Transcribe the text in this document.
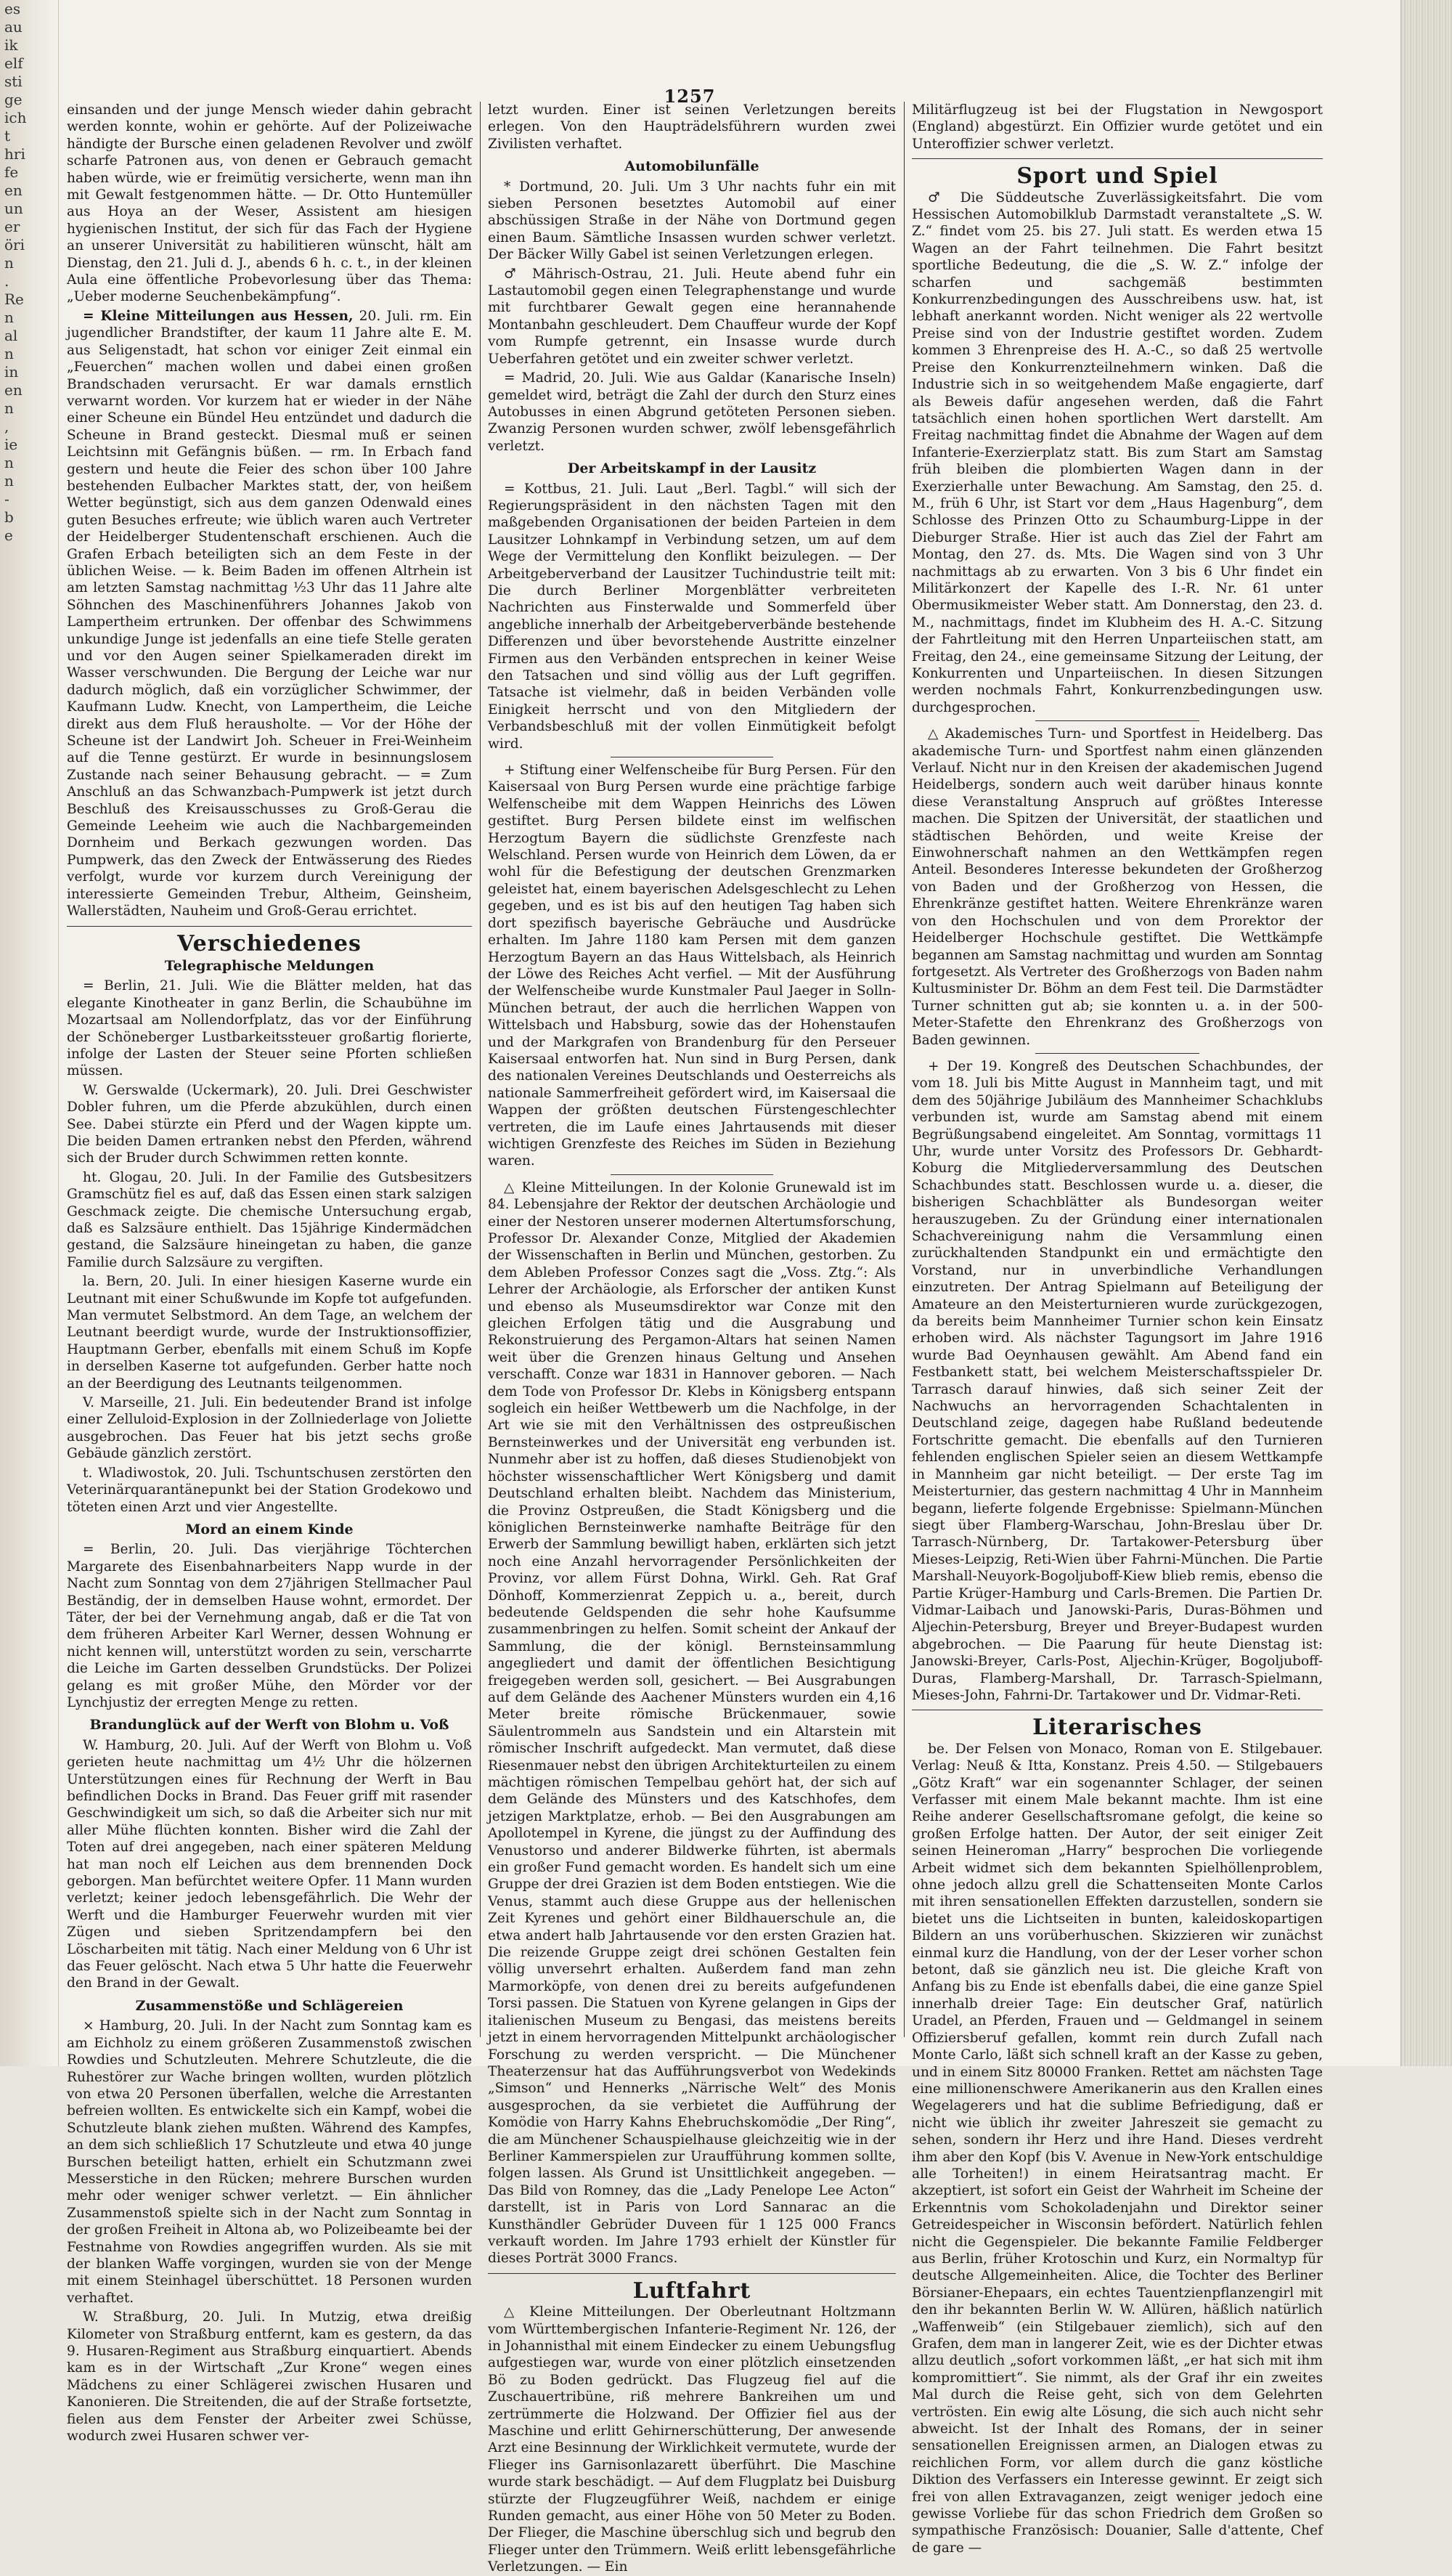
es
au
ik
elf
sti
ge
ich
t
hri
fe
en
un
er
öri
n
.
Re
n
al
n
in
en
n
,
ie
n
n
-
b
e
1257

einsanden und der junge Mensch wieder dahin gebracht werden konnte, wohin er gehörte. Auf der Polizeiwache händigte der Bursche einen geladenen Revolver und zwölf scharfe Patronen aus, von denen er Gebrauch gemacht haben würde, wie er freimütig versicherte, wenn man ihn mit Gewalt festgenommen hätte. — Dr. Otto Huntemüller aus Hoya an der Weser, Assistent am hiesigen hygienischen Institut, der sich für das Fach der Hygiene an unserer Universität zu habilitieren wünscht, hält am Dienstag, den 21. Juli d. J., abends 6 h. c. t., in der kleinen Aula eine öffentliche Probevorlesung über das Thema: „Ueber moderne Seuchenbekämpfung“.

= Kleine Mitteilungen aus Hessen, 20. Juli. rm. Ein jugendlicher Brandstifter, der kaum 11 Jahre alte E. M. aus Seligenstadt, hat schon vor einiger Zeit einmal ein „Feuerchen“ machen wollen und dabei einen großen Brandschaden verursacht. Er war damals ernstlich verwarnt worden. Vor kurzem hat er wieder in der Nähe einer Scheune ein Bündel Heu entzündet und dadurch die Scheune in Brand gesteckt. Diesmal muß er seinen Leichtsinn mit Gefängnis büßen. — rm. In Erbach fand gestern und heute die Feier des schon über 100 Jahre bestehenden Eulbacher Marktes statt, der, von heißem Wetter begünstigt, sich aus dem ganzen Odenwald eines guten Besuches erfreute; wie üblich waren auch Vertreter der Heidelberger Studentenschaft erschienen. Auch die Grafen Erbach beteiligten sich an dem Feste in der üblichen Weise. — k. Beim Baden im offenen Altrhein ist am letzten Samstag nachmittag ½3 Uhr das 11 Jahre alte Söhnchen des Maschinenführers Johannes Jakob von Lampertheim ertrunken. Der offenbar des Schwimmens unkundige Junge ist jedenfalls an eine tiefe Stelle geraten und vor den Augen seiner Spielkameraden direkt im Wasser verschwunden. Die Bergung der Leiche war nur dadurch möglich, daß ein vorzüglicher Schwimmer, der Kaufmann Ludw. Knecht, von Lampertheim, die Leiche direkt aus dem Fluß herausholte. — Vor der Höhe der Scheune ist der Landwirt Joh. Scheuer in Frei-Weinheim auf die Tenne gestürzt. Er wurde in besinnungslosem Zustande nach seiner Behausung gebracht. — = Zum Anschluß an das Schwanzbach-Pumpwerk ist jetzt durch Beschluß des Kreisausschusses zu Groß-Gerau die Gemeinde Leeheim wie auch die Nachbargemeinden Dornheim und Berkach gezwungen worden. Das Pumpwerk, das den Zweck der Entwässerung des Riedes verfolgt, wurde vor kurzem durch Vereinigung der interessierte Gemeinden Trebur, Altheim, Geinsheim, Wallerstädten, Nauheim und Groß-Gerau errichtet.

Verschiedenes
Telegraphische Meldungen

= Berlin, 21. Juli. Wie die Blätter melden, hat das elegante Kinotheater in ganz Berlin, die Schaubühne im Mozartsaal am Nollendorfplatz, das vor der Einführung der Schöneberger Lustbarkeitssteuer großartig florierte, infolge der Lasten der Steuer seine Pforten schließen müssen.

W. Gerswalde (Uckermark), 20. Juli. Drei Geschwister Dobler fuhren, um die Pferde abzukühlen, durch einen See. Dabei stürzte ein Pferd und der Wagen kippte um. Die beiden Damen ertranken nebst den Pferden, während sich der Bruder durch Schwimmen retten konnte.

ht. Glogau, 20. Juli. In der Familie des Gutsbesitzers Gramschütz fiel es auf, daß das Essen einen stark salzigen Geschmack zeigte. Die chemische Untersuchung ergab, daß es Salzsäure enthielt. Das 15jährige Kindermädchen gestand, die Salzsäure hineingetan zu haben, die ganze Familie durch Salzsäure zu vergiften.

la. Bern, 20. Juli. In einer hiesigen Kaserne wurde ein Leutnant mit einer Schußwunde im Kopfe tot aufgefunden. Man vermutet Selbstmord. An dem Tage, an welchem der Leutnant beerdigt wurde, wurde der Instruktionsoffizier, Hauptmann Gerber, ebenfalls mit einem Schuß im Kopfe in derselben Kaserne tot aufgefunden. Gerber hatte noch an der Beerdigung des Leutnants teilgenommen.

V. Marseille, 21. Juli. Ein bedeutender Brand ist infolge einer Zelluloid-Explosion in der Zollniederlage von Joliette ausgebrochen. Das Feuer hat bis jetzt sechs große Gebäude gänzlich zerstört.

t. Wladiwostok, 20. Juli. Tschuntschusen zerstörten den Veterinärquarantänepunkt bei der Station Grodekowo und töteten einen Arzt und vier Angestellte.

Mord an einem Kinde

= Berlin, 20. Juli. Das vierjährige Töchterchen Margarete des Eisenbahnarbeiters Napp wurde in der Nacht zum Sonntag von dem 27jährigen Stellmacher Paul Beständig, der in demselben Hause wohnt, ermordet. Der Täter, der bei der Vernehmung angab, daß er die Tat von dem früheren Arbeiter Karl Werner, dessen Wohnung er nicht kennen will, unterstützt worden zu sein, verscharrte die Leiche im Garten desselben Grundstücks. Der Polizei gelang es mit großer Mühe, den Mörder vor der Lynchjustiz der erregten Menge zu retten.

Brandunglück auf der Werft von Blohm u. Voß

W. Hamburg, 20. Juli. Auf der Werft von Blohm u. Voß gerieten heute nachmittag um 4½ Uhr die hölzernen Unterstützungen eines für Rechnung der Werft in Bau befindlichen Docks in Brand. Das Feuer griff mit rasender Geschwindigkeit um sich, so daß die Arbeiter sich nur mit aller Mühe flüchten konnten. Bisher wird die Zahl der Toten auf drei angegeben, nach einer späteren Meldung hat man noch elf Leichen aus dem brennenden Dock geborgen. Man befürchtet weitere Opfer. 11 Mann wurden verletzt; keiner jedoch lebensgefährlich. Die Wehr der Werft und die Hamburger Feuerwehr wurden mit vier Zügen und sieben Spritzendampfern bei den Löscharbeiten mit tätig. Nach einer Meldung von 6 Uhr ist das Feuer gelöscht. Nach etwa 5 Uhr hatte die Feuerwehr den Brand in der Gewalt.

Zusammenstöße und Schlägereien

⨯ Hamburg, 20. Juli. In der Nacht zum Sonntag kam es am Eichholz zu einem größeren Zusammenstoß zwischen Rowdies und Schutzleuten. Mehrere Schutzleute, die die Ruhestörer zur Wache bringen wollten, wurden plötzlich von etwa 20 Personen überfallen, welche die Arrestanten befreien wollten. Es entwickelte sich ein Kampf, wobei die Schutzleute blank ziehen mußten. Während des Kampfes, an dem sich schließlich 17 Schutzleute und etwa 40 junge Burschen beteiligt hatten, erhielt ein Schutzmann zwei Messerstiche in den Rücken; mehrere Burschen wurden mehr oder weniger schwer verletzt. — Ein ähnlicher Zusammenstoß spielte sich in der Nacht zum Sonntag in der großen Freiheit in Altona ab, wo Polizeibeamte bei der Festnahme von Rowdies angegriffen wurden. Als sie mit der blanken Waffe vorgingen, wurden sie von der Menge mit einem Steinhagel überschüttet. 18 Personen wurden verhaftet.

W. Straßburg, 20. Juli. In Mutzig, etwa dreißig Kilometer von Straßburg entfernt, kam es gestern, da das 9. Husaren-Regiment aus Straßburg einquartiert. Abends kam es in der Wirtschaft „Zur Krone“ wegen eines Mädchens zu einer Schlägerei zwischen Husaren und Kanonieren. Die Streitenden, die auf der Straße fortsetzte, fielen aus dem Fenster der Arbeiter zwei Schüsse, wodurch zwei Husaren schwer ver-

letzt wurden. Einer ist seinen Verletzungen bereits erlegen. Von den Haupträdelsführern wurden zwei Zivilisten verhaftet.

Automobilunfälle

* Dortmund, 20. Juli. Um 3 Uhr nachts fuhr ein mit sieben Personen besetztes Automobil auf einer abschüssigen Straße in der Nähe von Dortmund gegen einen Baum. Sämtliche Insassen wurden schwer verletzt. Der Bäcker Willy Gabel ist seinen Verletzungen erlegen.

♂ Mährisch-Ostrau, 21. Juli. Heute abend fuhr ein Lastautomobil gegen einen Telegraphenstange und wurde mit furchtbarer Gewalt gegen eine herannahende Montanbahn geschleudert. Dem Chauffeur wurde der Kopf vom Rumpfe getrennt, ein Insasse wurde durch Ueberfahren getötet und ein zweiter schwer verletzt.

= Madrid, 20. Juli. Wie aus Galdar (Kanarische Inseln) gemeldet wird, beträgt die Zahl der durch den Sturz eines Autobusses in einen Abgrund getöteten Personen sieben. Zwanzig Personen wurden schwer, zwölf lebensgefährlich verletzt.

Der Arbeitskampf in der Lausitz

= Kottbus, 21. Juli. Laut „Berl. Tagbl.“ will sich der Regierungspräsident in den nächsten Tagen mit den maßgebenden Organisationen der beiden Parteien in dem Lausitzer Lohnkampf in Verbindung setzen, um auf dem Wege der Vermittelung den Konflikt beizulegen. — Der Arbeitgeberverband der Lausitzer Tuchindustrie teilt mit: Die durch Berliner Morgenblätter verbreiteten Nachrichten aus Finsterwalde und Sommerfeld über angebliche innerhalb der Arbeitgeberverbände bestehende Differenzen und über bevorstehende Austritte einzelner Firmen aus den Verbänden entsprechen in keiner Weise den Tatsachen und sind völlig aus der Luft gegriffen. Tatsache ist vielmehr, daß in beiden Verbänden volle Einigkeit herrscht und von den Mitgliedern der Verbandsbeschluß mit der vollen Einmütigkeit befolgt wird.

+ Stiftung einer Welfenscheibe für Burg Persen. Für den Kaisersaal von Burg Persen wurde eine prächtige farbige Welfenscheibe mit dem Wappen Heinrichs des Löwen gestiftet. Burg Persen bildete einst im welfischen Herzogtum Bayern die südlichste Grenzfeste nach Welschland. Persen wurde von Heinrich dem Löwen, da er wohl für die Befestigung der deutschen Grenzmarken geleistet hat, einem bayerischen Adelsgeschlecht zu Lehen gegeben, und es ist bis auf den heutigen Tag haben sich dort spezifisch bayerische Gebräuche und Ausdrücke erhalten. Im Jahre 1180 kam Persen mit dem ganzen Herzogtum Bayern an das Haus Wittelsbach, als Heinrich der Löwe des Reiches Acht verfiel. — Mit der Ausführung der Welfenscheibe wurde Kunstmaler Paul Jaeger in Solln-München betraut, der auch die herrlichen Wappen von Wittelsbach und Habsburg, sowie das der Hohenstaufen und der Markgrafen von Brandenburg für den Perseuer Kaisersaal entworfen hat. Nun sind in Burg Persen, dank des nationalen Vereines Deutschlands und Oesterreichs als nationale Sammerfreiheit gefördert wird, im Kaisersaal die Wappen der größten deutschen Fürstengeschlechter vertreten, die im Laufe eines Jahrtausends mit dieser wichtigen Grenzfeste des Reiches im Süden in Beziehung waren.

△ Kleine Mitteilungen. In der Kolonie Grunewald ist im 84. Lebensjahre der Rektor der deutschen Archäologie und einer der Nestoren unserer modernen Altertumsforschung, Professor Dr. Alexander Conze, Mitglied der Akademien der Wissenschaften in Berlin und München, gestorben. Zu dem Ableben Professor Conzes sagt die „Voss. Ztg.“: Als Lehrer der Archäologie, als Erforscher der antiken Kunst und ebenso als Museumsdirektor war Conze mit den gleichen Erfolgen tätig und die Ausgrabung und Rekonstruierung des Pergamon-Altars hat seinen Namen weit über die Grenzen hinaus Geltung und Ansehen verschafft. Conze war 1831 in Hannover geboren. — Nach dem Tode von Professor Dr. Klebs in Königsberg entspann sogleich ein heißer Wettbewerb um die Nachfolge, in der Art wie sie mit den Verhältnissen des ostpreußischen Bernsteinwerkes und der Universität eng verbunden ist. Nunmehr aber ist zu hoffen, daß dieses Studienobjekt von höchster wissenschaftlicher Wert Königsberg und damit Deutschland erhalten bleibt. Nachdem das Ministerium, die Provinz Ostpreußen, die Stadt Königsberg und die königlichen Bernsteinwerke namhafte Beiträge für den Erwerb der Sammlung bewilligt haben, erklärten sich jetzt noch eine Anzahl hervorragender Persönlichkeiten der Provinz, vor allem Fürst Dohna, Wirkl. Geh. Rat Graf Dönhoff, Kommerzienrat Zeppich u. a., bereit, durch bedeutende Geldspenden die sehr hohe Kaufsumme zusammenbringen zu helfen. Somit scheint der Ankauf der Sammlung, die der königl. Bernsteinsammlung angegliedert und damit der öffentlichen Besichtigung freigegeben werden soll, gesichert. — Bei Ausgrabungen auf dem Gelände des Aachener Münsters wurden ein 4,16 Meter breite römische Brückenmauer, sowie Säulentrommeln aus Sandstein und ein Altarstein mit römischer Inschrift aufgedeckt. Man vermutet, daß diese Riesenmauer nebst den übrigen Architekturteilen zu einem mächtigen römischen Tempelbau gehört hat, der sich auf dem Gelände des Münsters und des Katschhofes, dem jetzigen Marktplatze, erhob. — Bei den Ausgrabungen am Apollotempel in Kyrene, die jüngst zu der Auffindung des Venustorso und anderer Bildwerke führten, ist abermals ein großer Fund gemacht worden. Es handelt sich um eine Gruppe der drei Grazien ist dem Boden entstiegen. Wie die Venus, stammt auch diese Gruppe aus der hellenischen Zeit Kyrenes und gehört einer Bildhauerschule an, die etwa andert halb Jahrtausende vor den ersten Grazien hat. Die reizende Gruppe zeigt drei schönen Gestalten fein völlig unversehrt erhalten. Außerdem fand man zehn Marmorköpfe, von denen drei zu bereits aufgefundenen Torsi passen. Die Statuen von Kyrene gelangen in Gips der italienischen Museum zu Bengasi, das meistens bereits jetzt in einem hervorragenden Mittelpunkt archäologischer Forschung zu werden verspricht. — Die Münchener Theaterzensur hat das Aufführungsverbot von Wedekinds „Simson“ und Hennerks „Närrische Welt“ des Monis ausgesprochen, da sie verbietet die Aufführung der Komödie von Harry Kahns Ehebruchskomödie „Der Ring“, die am Münchener Schauspielhause gleichzeitig wie in der Berliner Kammerspielen zur Uraufführung kommen sollte, folgen lassen. Als Grund ist Unsittlichkeit angegeben. — Das Bild von Romney, das die „Lady Penelope Lee Acton“ darstellt, ist in Paris von Lord Sannarac an die Kunsthändler Gebrüder Duveen für 1 125 000 Francs verkauft worden. Im Jahre 1793 erhielt der Künstler für dieses Porträt 3000 Francs.

Luftfahrt

△ Kleine Mitteilungen. Der Oberleutnant Holtzmann vom Württembergischen Infanterie-Regiment Nr. 126, der in Johannisthal mit einem Eindecker zu einem Uebungsflug aufgestiegen war, wurde von einer plötzlich einsetzenden Bö zu Boden gedrückt. Das Flugzeug fiel auf die Zuschauertribüne, riß mehrere Bankreihen um und zertrümmerte die Holzwand. Der Offizier fiel aus der Maschine und erlitt Gehirnerschütterung, Der anwesende Arzt eine Besinnung der Wirklichkeit vermutete, wurde der Flieger ins Garnisonlazarett überführt. Die Maschine wurde stark beschädigt. — Auf dem Flugplatz bei Duisburg stürzte der Flugzeugführer Weiß, nachdem er einige Runden gemacht, aus einer Höhe von 50 Meter zu Boden. Der Flieger, die Maschine überschlug sich und begrub den Flieger unter den Trümmern. Weiß erlitt lebensgefährliche Verletzungen. — Ein

Militärflugzeug ist bei der Flugstation in Newgosport (England) abgestürzt. Ein Offizier wurde getötet und ein Unteroffizier schwer verletzt.

Sport und Spiel

♂ Die Süddeutsche Zuverlässigkeitsfahrt. Die vom Hessischen Automobilklub Darmstadt veranstaltete „S. W. Z.“ findet vom 25. bis 27. Juli statt. Es werden etwa 15 Wagen an der Fahrt teilnehmen. Die Fahrt besitzt sportliche Bedeutung, die die „S. W. Z.“ infolge der scharfen und sachgemäß bestimmten Konkurrenzbedingungen des Ausschreibens usw. hat, ist lebhaft anerkannt worden. Nicht weniger als 22 wertvolle Preise sind von der Industrie gestiftet worden. Zudem kommen 3 Ehrenpreise des H. A.-C., so daß 25 wertvolle Preise den Konkurrenzteilnehmern winken. Daß die Industrie sich in so weitgehendem Maße engagierte, darf als Beweis dafür angesehen werden, daß die Fahrt tatsächlich einen hohen sportlichen Wert darstellt. Am Freitag nachmittag findet die Abnahme der Wagen auf dem Infanterie-Exerzierplatz statt. Bis zum Start am Samstag früh bleiben die plombierten Wagen dann in der Exerzierhalle unter Bewachung. Am Samstag, den 25. d. M., früh 6 Uhr, ist Start vor dem „Haus Hagenburg“, dem Schlosse des Prinzen Otto zu Schaumburg-Lippe in der Dieburger Straße. Hier ist auch das Ziel der Fahrt am Montag, den 27. ds. Mts. Die Wagen sind von 3 Uhr nachmittags ab zu erwarten. Von 3 bis 6 Uhr findet ein Militärkonzert der Kapelle des I.-R. Nr. 61 unter Obermusikmeister Weber statt. Am Donnerstag, den 23. d. M., nachmittags, findet im Klubheim des H. A.-C. Sitzung der Fahrtleitung mit den Herren Unparteiischen statt, am Freitag, den 24., eine gemeinsame Sitzung der Leitung, der Konkurrenten und Unparteiischen. In diesen Sitzungen werden nochmals Fahrt, Konkurrenzbedingungen usw. durchgesprochen.

△ Akademisches Turn- und Sportfest in Heidelberg. Das akademische Turn- und Sportfest nahm einen glänzenden Verlauf. Nicht nur in den Kreisen der akademischen Jugend Heidelbergs, sondern auch weit darüber hinaus konnte diese Veranstaltung Anspruch auf größtes Interesse machen. Die Spitzen der Universität, der staatlichen und städtischen Behörden, und weite Kreise der Einwohnerschaft nahmen an den Wettkämpfen regen Anteil. Besonderes Interesse bekundeten der Großherzog von Baden und der Großherzog von Hessen, die Ehrenkränze gestiftet hatten. Weitere Ehrenkränze waren von den Hochschulen und von dem Prorektor der Heidelberger Hochschule gestiftet. Die Wettkämpfe begannen am Samstag nachmittag und wurden am Sonntag fortgesetzt. Als Vertreter des Großherzogs von Baden nahm Kultusminister Dr. Böhm an dem Fest teil. Die Darmstädter Turner schnitten gut ab; sie konnten u. a. in der 500-Meter-Stafette den Ehrenkranz des Großherzogs von Baden gewinnen.

+ Der 19. Kongreß des Deutschen Schachbundes, der vom 18. Juli bis Mitte August in Mannheim tagt, und mit dem des 50jährige Jubiläum des Mannheimer Schachklubs verbunden ist, wurde am Samstag abend mit einem Begrüßungsabend eingeleitet. Am Sonntag, vormittags 11 Uhr, wurde unter Vorsitz des Professors Dr. Gebhardt-Koburg die Mitgliederversammlung des Deutschen Schachbundes statt. Beschlossen wurde u. a. dieser, die bisherigen Schachblätter als Bundesorgan weiter herauszugeben. Zu der Gründung einer internationalen Schachvereinigung nahm die Versammlung einen zurückhaltenden Standpunkt ein und ermächtigte den Vorstand, nur in unverbindliche Verhandlungen einzutreten. Der Antrag Spielmann auf Beteiligung der Amateure an den Meisterturnieren wurde zurückgezogen, da bereits beim Mannheimer Turnier schon kein Einsatz erhoben wird. Als nächster Tagungsort im Jahre 1916 wurde Bad Oeynhausen gewählt. Am Abend fand ein Festbankett statt, bei welchem Meisterschaftsspieler Dr. Tarrasch darauf hinwies, daß sich seiner Zeit der Nachwuchs an hervorragenden Schachtalenten in Deutschland zeige, dagegen habe Rußland bedeutende Fortschritte gemacht. Die ebenfalls auf den Turnieren fehlenden englischen Spieler seien an diesem Wettkampfe in Mannheim gar nicht beteiligt. — Der erste Tag im Meisterturnier, das gestern nachmittag 4 Uhr in Mannheim begann, lieferte folgende Ergebnisse: Spielmann-München siegt über Flamberg-Warschau, John-Breslau über Dr. Tarrasch-Nürnberg, Dr. Tartakower-Petersburg über Mieses-Leipzig, Reti-Wien über Fahrni-München. Die Partie Marshall-Neuyork-Bogoljuboff-Kiew blieb remis, ebenso die Partie Krüger-Hamburg und Carls-Bremen. Die Partien Dr. Vidmar-Laibach und Janowski-Paris, Duras-Böhmen und Aljechin-Petersburg, Breyer und Breyer-Budapest wurden abgebrochen. — Die Paarung für heute Dienstag ist: Janowski-Breyer, Carls-Post, Aljechin-Krüger, Bogoljuboff-Duras, Flamberg-Marshall, Dr. Tarrasch-Spielmann, Mieses-John, Fahrni-Dr. Tartakower und Dr. Vidmar-Reti.

Literarisches

be. Der Felsen von Monaco, Roman von E. Stilgebauer. Verlag: Neuß & Itta, Konstanz. Preis 4.50. — Stilgebauers „Götz Kraft“ war ein sogenannter Schlager, der seinen Verfasser mit einem Male bekannt machte. Ihm ist eine Reihe anderer Gesellschaftsromane gefolgt, die keine so großen Erfolge hatten. Der Autor, der seit einiger Zeit seinen Heineroman „Harry“ besprochen Die vorliegende Arbeit widmet sich dem bekannten Spielhöllenproblem, ohne jedoch allzu grell die Schattenseiten Monte Carlos mit ihren sensationellen Effekten darzustellen, sondern sie bietet uns die Lichtseiten in bunten, kaleidoskopartigen Bildern an uns vorüberhuschen. Skizzieren wir zunächst einmal kurz die Handlung, von der der Leser vorher schon betont, daß sie gänzlich neu ist. Die gleiche Kraft von Anfang bis zu Ende ist ebenfalls dabei, die eine ganze Spiel innerhalb dreier Tage: Ein deutscher Graf, natürlich Uradel, an Pferden, Frauen und — Geldmangel in seinem Offiziersberuf gefallen, kommt rein durch Zufall nach Monte Carlo, läßt sich schnell kraft an der Kasse zu geben, und in einem Sitz 80000 Franken. Rettet am nächsten Tage eine millionenschwere Amerikanerin aus den Krallen eines Wegelagerers und hat die sublime Befriedigung, daß er nicht wie üblich ihr zweiter Jahreszeit sie gemacht zu sehen, sondern ihr Herz und ihre Hand. Dieses verdreht ihm aber den Kopf (bis V. Avenue in New-York entschuldige alle Torheiten!) in einem Heiratsantrag macht. Er akzeptiert, ist sofort ein Geist der Wahrheit im Scheine der Erkenntnis vom Schokoladenjahn und Direktor seiner Getreidespeicher in Wisconsin befördert. Natürlich fehlen nicht die Gegenspieler. Die bekannte Familie Feldberger aus Berlin, früher Krotoschin und Kurz, ein Normaltyp für deutsche Allgemeinheiten. Alice, die Tochter des Berliner Börsianer-Ehepaars, ein echtes Tauentzienpflanzengirl mit den ihr bekannten Berlin W. W. Allüren, häßlich natürlich „Waffenweib“ (ein Stilgebauer ziemlich), sich auf den Grafen, dem man in langerer Zeit, wie es der Dichter etwas allzu deutlich „sofort vorkommen läßt, „er hat sich mit ihm kompromittiert“. Sie nimmt, als der Graf ihr ein zweites Mal durch die Reise geht, sich von dem Gelehrten vertrösten. Ein ewig alte Lösung, die sich auch nicht sehr abweicht. Ist der Inhalt des Romans, der in seiner sensationellen Ereignissen armen, an Dialogen etwas zu reichlichen Form, vor allem durch die ganz köstliche Diktion des Verfassers ein Interesse gewinnt. Er zeigt sich frei von allen Extravaganzen, zeigt weniger jedoch eine gewisse Vorliebe für das schon Friedrich dem Großen so sympathische Französisch: Douanier, Salle d'attente, Chef de gare —
